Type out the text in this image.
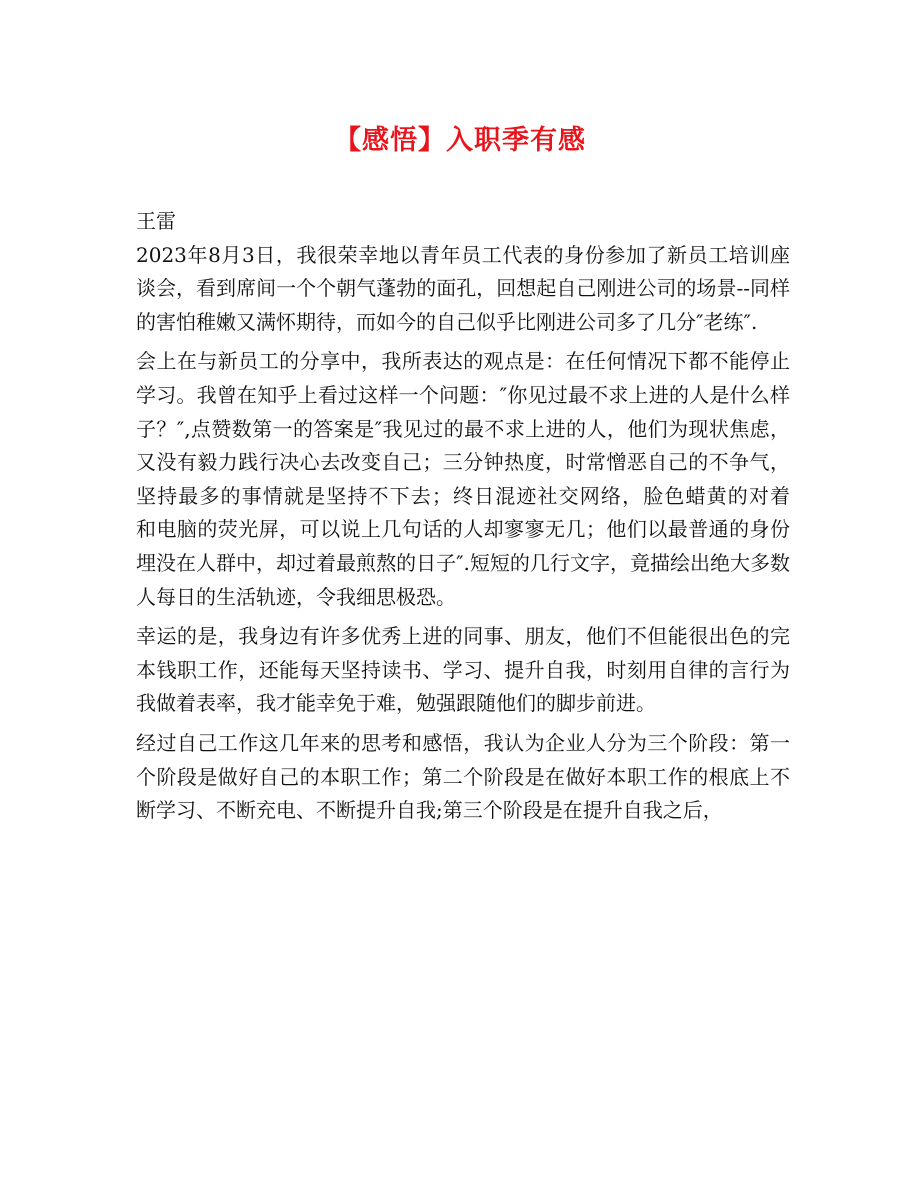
【感悟】入职季有感

王雷

2023年8月3日，我很荣幸地以青年员工代表的身份参加了新员工培训座谈会，看到席间一个个朝气蓬勃的面孔，回想起自己刚进公司的场景--同样的害怕稚嫩又满怀期待，而如今的自己似乎比刚进公司多了几分″老练″.

会上在与新员工的分享中，我所表达的观点是：在任何情况下都不能停止学习。我曾在知乎上看过这样一个问题：″你见过最不求上进的人是什么样子？″,点赞数第一的答案是″我见过的最不求上进的人，他们为现状焦虑，又没有毅力践行决心去改变自己；三分钟热度，时常憎恶自己的不争气，坚持最多的事情就是坚持不下去；终日混迹社交网络，脸色蜡黄的对着    和电脑的荧光屏，可以说上几句话的人却寥寥无几；他们以最普通的身份埋没在人群中，却过着最煎熬的日子″.短短的几行文字，竟描绘出绝大多数人每日的生活轨迹，令我细思极恐。

幸运的是，我身边有许多优秀上进的同事、朋友，他们不但能很出色的完本钱职工作，还能每天坚持读书、学习、提升自我，时刻用自律的言行为我做着表率，我才能幸免于难，勉强跟随他们的脚步前进。

经过自己工作这几年来的思考和感悟，我认为企业人分为三个阶段：第一个阶段是做好自己的本职工作；第二个阶段是在做好本职工作的根底上不断学习、不断充电、不断提升自我;第三个阶段是在提升自我之后，
